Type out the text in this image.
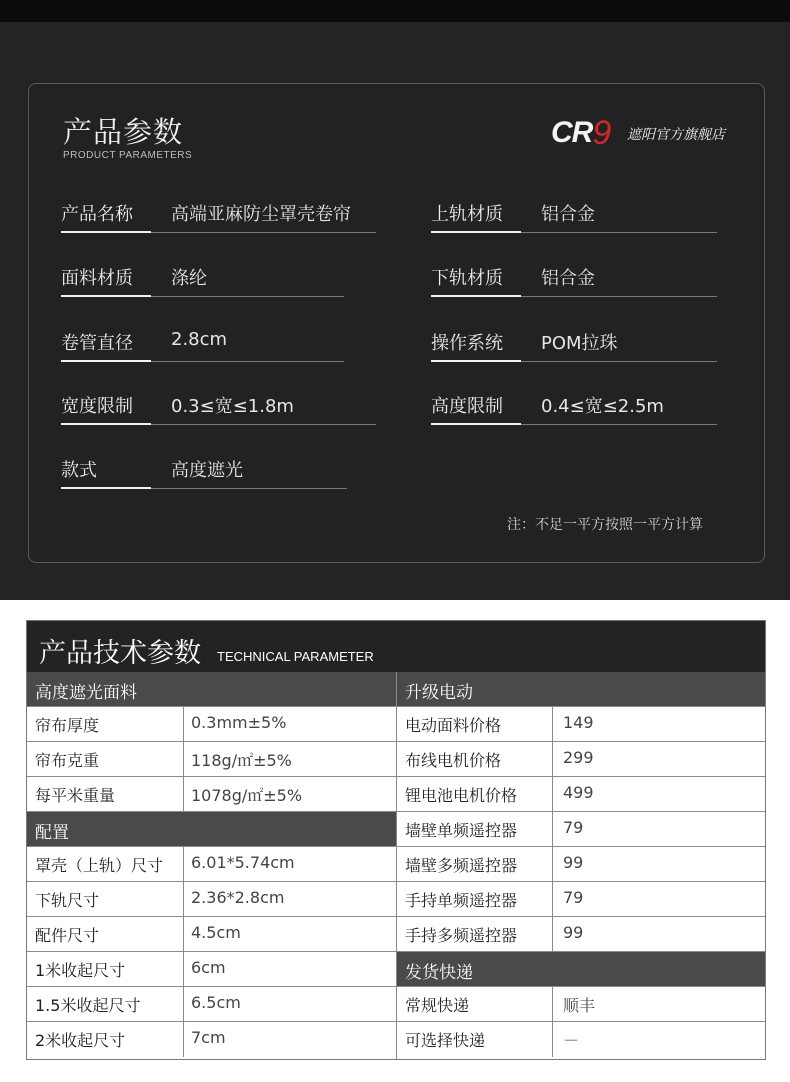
产品参数
PRODUCT PARAMETERS
CR9 遮阳官方旗舰店
产品名称 高端亚麻防尘罩壳卷帘	上轨材质 铝合金
面料材质 涤纶	下轨材质 铝合金
卷管直径 2.8cm	操作系统 POM拉珠
宽度限制 0.3≤宽≤1.8m	高度限制 0.4≤宽≤2.5m
款式	高度遮光
注：不足一平方按照一平方计算
产品技术参数 TECHNICAL PARAMETER
高度遮光面料
帘布厚度	0.3mm±5%
帘布克重	118g/㎡±5%
每平米重量	1078g/㎡±5%
配置
罩壳（上轨）尺寸 6.01*5.74cm
下轨尺寸	2.36*2.8cm
配件尺寸	4.5cm
1米收起尺寸	6cm
1.5米收起尺寸	6.5cm
2米收起尺寸	7cm
升级电动
电动面料价格	149
布线电机价格	299
锂电池电机价格	499
墙壁单频遥控器	79
墙壁多频遥控器	99
手持单频遥控器	79
手持多频遥控器	99
发货快递
常规快递	顺丰
可选择快递	－
